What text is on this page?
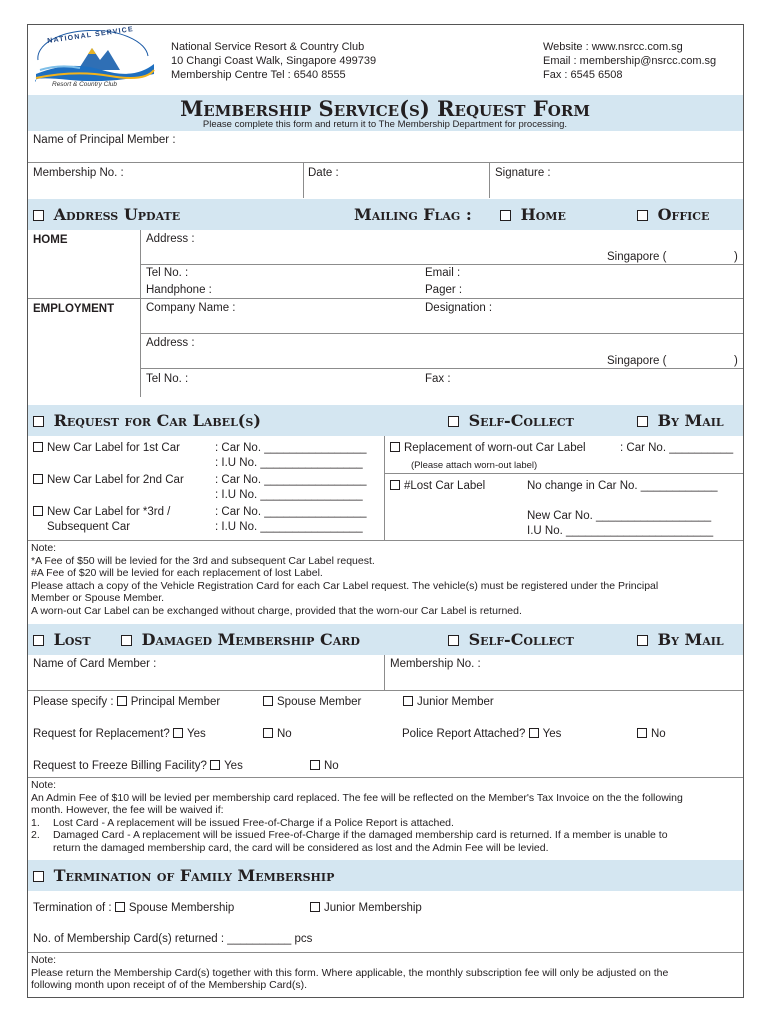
NATIONAL SERVICE
Resort & Country Club
National Service Resort & Country Club
10 Changi Coast Walk, Singapore 499739
Membership Centre Tel : 6540 8555
Website : www.nsrcc.com.sg
Email : membership@nsrcc.com.sg
Fax : 6545 6508
Membership Service(s) Request Form
Please complete this form and return it to The Membership Department for processing.
Name of Principal Member :
Membership No. :	Date :	Signature :
Address Update	Mailing Flag :	Home	Office
HOME	Address :
Singapore (	)
Tel No. :	Email :
Handphone :	Pager :
EMPLOYMENT	Company Name :	Designation :
Address :
Singapore (	)
Tel No. :	Fax :
Request for Car Label(s)	Self-Collect	By Mail
New Car Label for 1st Car	: Car No. ________________
: I.U No. ________________
New Car Label for 2nd Car	: Car No. ________________
: I.U No. ________________
New Car Label for *3rd /
Subsequent Car
: Car No. ________________
: I.U No. ________________
Replacement of worn-out Car Label	: Car No. __________
(Please attach worn-out label)
#Lost Car Label	No change in Car No. ____________
New Car No. __________________
I.U No. _______________________
Note:
*A Fee of $50 will be levied for the 3rd and subsequent Car Label request.
#A Fee of $20 will be levied for each replacement of lost Label.
Please attach a copy of the Vehicle Registration Card for each Car Label request. The vehicle(s) must be registered under the Principal
Member or Spouse Member.
A worn-out Car Label can be exchanged without charge, provided that the worn-our Car Label is returned.
Lost	Damaged Membership Card	Self-Collect	By Mail
Name of Card Member :	Membership No. :
Please specify : Principal Member	Spouse Member	Junior Member
Request for Replacement? Yes	No	Police Report Attached? Yes	No
Request to Freeze Billing Facility? Yes	No
Note:
An Admin Fee of $10 will be levied per membership card replaced. The fee will be reflected on the Member's Tax Invoice on the the following
month. However, the fee will be waived if:
1. Lost Card - A replacement will be issued Free-of-Charge if a Police Report is attached.
2. Damaged Card - A replacement will be issued Free-of-Charge if the damaged membership card is returned. If a member is unable to
return the damaged membership card, the card will be considered as lost and the Admin Fee will be levied.
Termination of Family Membership
Termination of : Spouse Membership	Junior Membership
No. of Membership Card(s) returned : __________ pcs
Note:
Please return the Membership Card(s) together with this form. Where applicable, the monthly subscription fee will only be adjusted on the
following month upon receipt of of the Membership Card(s).
